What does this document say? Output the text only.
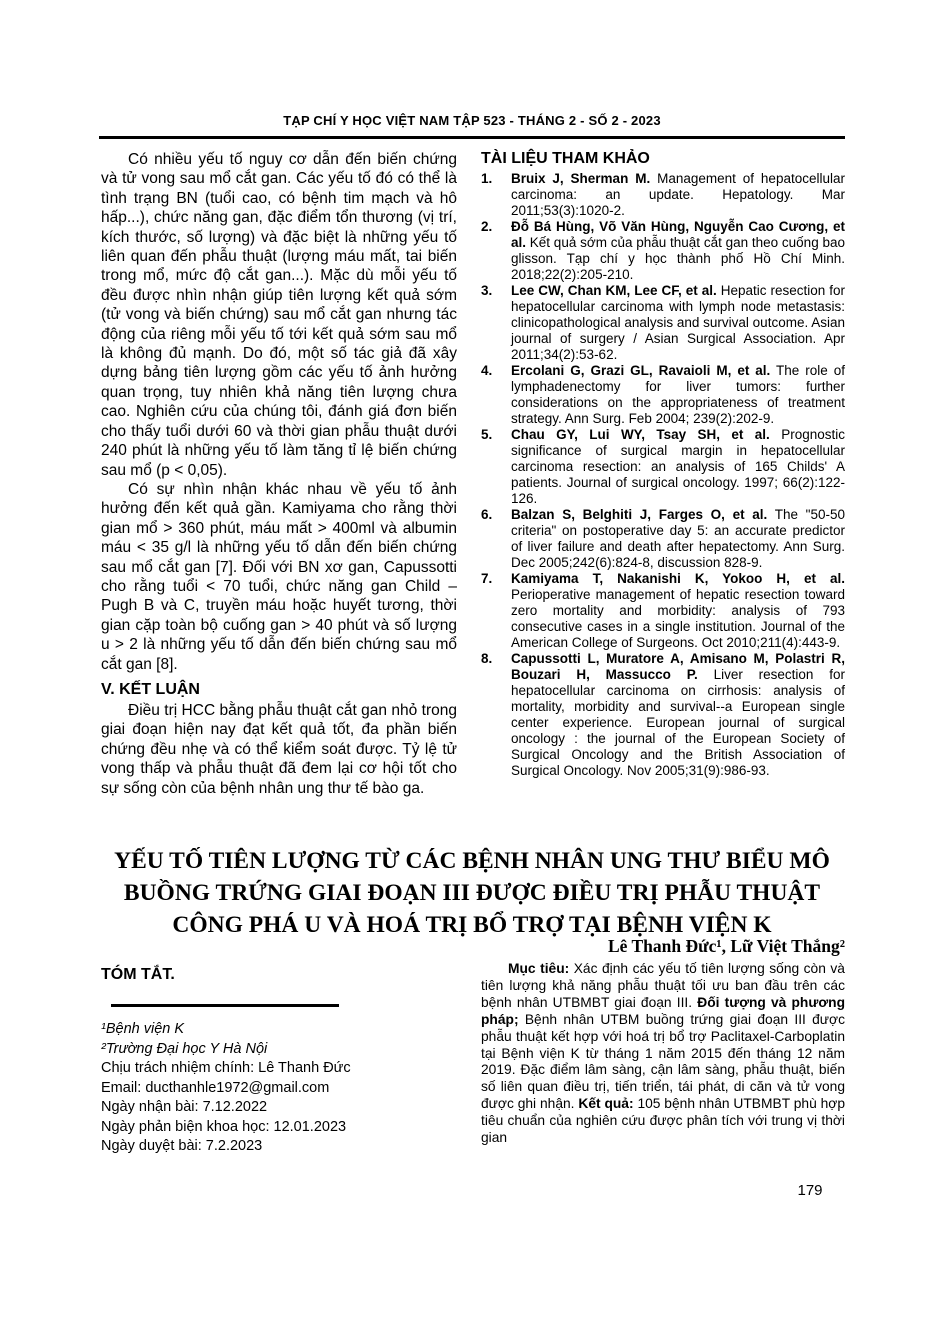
TẠP CHÍ Y HỌC VIỆT NAM TẬP 523 - THÁNG 2 - SỐ 2 - 2023

Có nhiều yếu tố nguy cơ dẫn đến biến chứng và tử vong sau mổ cắt gan. Các yếu tố đó có thể là tình trạng BN (tuổi cao, có bệnh tim mạch và hô hấp...), chức năng gan, đặc điểm tổn thương (vị trí, kích thước, số lượng) và đặc biệt là những yếu tố liên quan đến phẫu thuật (lượng máu mất, tai biến trong mổ, mức độ cắt gan...). Mặc dù mỗi yếu tố đều được nhìn nhận giúp tiên lượng kết quả sớm (tử vong và biến chứng) sau mổ cắt gan nhưng tác động của riêng mỗi yếu tố tới kết quả sớm sau mổ là không đủ mạnh. Do đó, một số tác giả đã xây dựng bảng tiên lượng gồm các yếu tố ảnh hưởng quan trọng, tuy nhiên khả năng tiên lượng chưa cao. Nghiên cứu của chúng tôi, đánh giá đơn biến cho thấy tuổi dưới 60 và thời gian phẫu thuật dưới 240 phút là những yếu tố làm tăng tỉ lệ biến chứng sau mổ (p < 0,05).

Có sự nhìn nhận khác nhau về yếu tố ảnh hưởng đến kết quả gần. Kamiyama cho rằng thời gian mổ > 360 phút, máu mất > 400ml và albumin máu < 35 g/l là những yếu tố dẫn đến biến chứng sau mổ cắt gan [7]. Đối với BN xơ gan, Capussotti cho rằng tuổi < 70 tuổi, chức năng gan Child – Pugh B và C, truyền máu hoặc huyết tương, thời gian cặp toàn bộ cuống gan > 40 phút và số lượng u > 2 là những yếu tố dẫn đến biến chứng sau mổ cắt gan [8].

V. KẾT LUẬN

Điều trị HCC bằng phẫu thuật cắt gan nhỏ trong giai đoạn hiện nay đạt kết quả tốt, đa phần biến chứng đều nhẹ và có thể kiểm soát được. Tỷ lệ tử vong thấp và phẫu thuật đã đem lại cơ hội tốt cho sự sống còn của bệnh nhân ung thư tế bào ga.

TÀI LIỆU THAM KHẢO
1.	Bruix J, Sherman M. Management of hepatocellular carcinoma: an update. Hepatology. Mar 2011;53(3):1020-2.
2.	Đỗ Bá Hùng, Võ Văn Hùng, Nguyễn Cao Cương, et al. Kết quả sớm của phẫu thuật cắt gan theo cuống bao glisson. Tạp chí y học thành phố Hồ Chí Minh. 2018;22(2):205-210.
3.	Lee CW, Chan KM, Lee CF, et al. Hepatic resection for hepatocellular carcinoma with lymph node metastasis: clinicopathological analysis and survival outcome. Asian journal of surgery / Asian Surgical Association. Apr 2011;34(2):53-62.
4.	Ercolani G, Grazi GL, Ravaioli M, et al. The role of lymphadenectomy for liver tumors: further considerations on the appropriateness of treatment strategy. Ann Surg. Feb 2004; 239(2):202-9.
5.	Chau GY, Lui WY, Tsay SH, et al. Prognostic significance of surgical margin in hepatocellular carcinoma resection: an analysis of 165 Childs' A patients. Journal of surgical oncology. 1997; 66(2):122-126.
6.	Balzan S, Belghiti J, Farges O, et al. The "50-50 criteria" on postoperative day 5: an accurate predictor of liver failure and death after hepatectomy. Ann Surg. Dec 2005;242(6):824-8, discussion 828-9.
7.	Kamiyama T, Nakanishi K, Yokoo H, et al. Perioperative management of hepatic resection toward zero mortality and morbidity: analysis of 793 consecutive cases in a single institution. Journal of the American College of Surgeons. Oct 2010;211(4):443-9.
8.	Capussotti L, Muratore A, Amisano M, Polastri R, Bouzari H, Massucco P. Liver resection for hepatocellular carcinoma on cirrhosis: analysis of mortality, morbidity and survival--a European single center experience. European journal of surgical oncology : the journal of the European Society of Surgical Oncology and the British Association of Surgical Oncology. Nov 2005;31(9):986-93.
YẾU TỐ TIÊN LƯỢNG TỪ CÁC BỆNH NHÂN UNG THƯ BIỂU MÔ
BUỒNG TRỨNG GIAI ĐOẠN III ĐƯỢC ĐIỀU TRỊ PHẪU THUẬT
CÔNG PHÁ U VÀ HOÁ TRỊ BỔ TRỢ TẠI BỆNH VIỆN K
Lê Thanh Đức¹, Lữ Việt Thắng²
TÓM TẮT.
¹Bệnh viện K
²Trường Đại học Y Hà Nội
Chịu trách nhiệm chính: Lê Thanh Đức
Email: ducthanhle1972@gmail.com
Ngày nhận bài: 7.12.2022
Ngày phản biện khoa học: 12.01.2023
Ngày duyệt bài: 7.2.2023

Mục tiêu: Xác định các yếu tố tiên lượng sống còn và tiên lượng khả năng phẫu thuật tối ưu ban đầu trên các bệnh nhân UTBMBT giai đoạn III. Đối tượng và phương pháp; Bệnh nhân UTBM buồng trứng giai đoạn III được phẫu thuật kết hợp với hoá trị bổ trợ Paclitaxel-Carboplatin tại Bệnh viện K từ tháng 1 năm 2015 đến tháng 12 năm 2019. Đặc điểm lâm sàng, cận lâm sàng, phẫu thuật, biến số liên quan điều trị, tiến triển, tái phát, di căn và tử vong được ghi nhận. Kết quả: 105 bệnh nhân UTBMBT phù hợp tiêu chuẩn của nghiên cứu được phân tích với trung vị thời gian

179
